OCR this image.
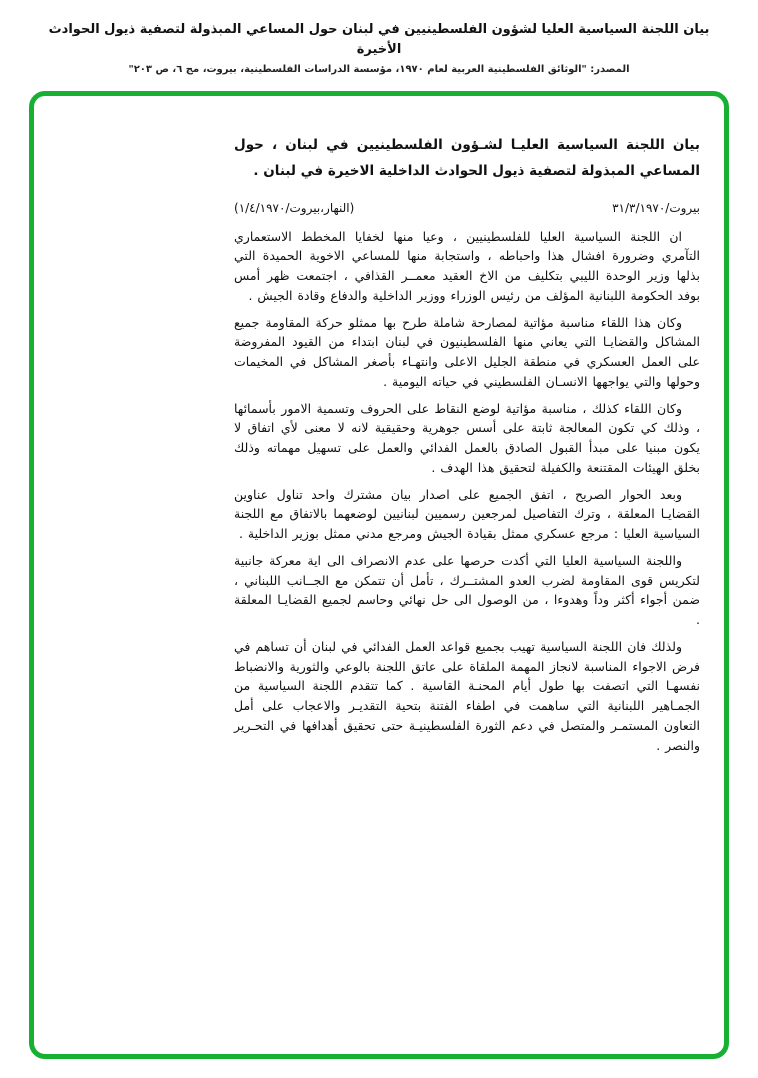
بيان اللجنة السياسية العليا لشؤون الفلسطينيين في لبنان حول المساعي المبذولة لتصفية ذيول الحوادث الأخيرة
المصدر: "الوثائق الفلسطينية العربية لعام ١٩٧٠، مؤسسة الدراسات الفلسطينية، بيروت، مج ٦، ص ٢٠٣"

بيان اللجنة السياسية العليـا لشـؤون الفلسطينيين في لبنان ، حول المساعي المبذولة لتصفية ذيول الحوادث الداخلية الاخيرة في لبنان .

بيروت/٣١/٣/١٩٧٠
(النهار،بيروت/١/٤/١٩٧٠)

ان اللجنة السياسية العليا للفلسطينيين ، وعيا منها لخفايا المخطط الاستعماري التآمري وضرورة افشال هذا واحباطه ، واستجابة منها للمساعي الاخوية الحميدة التي بذلها وزير الوحدة الليبي بتكليف من الاخ العقيد معمــر القذافي ، اجتمعت ظهر أمس بوفد الحكومة اللبنانية المؤلف من رئيس الوزراء ووزير الداخلية والدفاع وقادة الجيش .

وكان هذا اللقاء مناسبة مؤاتية لمصارحة شاملة طرح بها ممثلو حركة المقاومة جميع المشاكل والقضايـا التي يعاني منها الفلسطينيون في لبنان ابتداء من القيود المفروضة على العمل العسكري في منطقة الجليل الاعلى وانتهـاء بأصغر المشاكل في المخيمات وحولها والتي يواجهها الانسـان الفلسطيني في حياته اليومية .

وكان اللقاء كذلك ، مناسبة مؤاتية لوضع النقاط على الحروف وتسمية الامور بأسمائها ، وذلك كي تكون المعالجة ثابتة على أسس جوهرية وحقيقية لانه لا معنى لأي اتفاق لا يكون مبنيا على مبدأ القبول الصادق بالعمل الفدائي والعمل على تسهيل مهماته وذلك بخلق الهيئات المقتنعة والكفيلة لتحقيق هذا الهدف .

وبعد الحوار الصريح ، اتفق الجميع على اصدار بيان مشترك واحد تناول عناوين القضايـا المعلقة ، وترك التفاصيل لمرجعين رسميين لبنانيين لوضعهما بالاتفاق مع اللجنة السياسية العليا : مرجع عسكري ممثل بقيادة الجيش ومرجع مدني ممثل بوزير الداخلية .

واللجنة السياسية العليا التي أكدت حرصها على عدم الانصراف الى اية معركة جانبية لتكريس قوى المقاومة لضرب العدو المشتــرك ، تأمل أن تتمكن مع الجــانب اللبناني ، ضمن أجواء أكثر وداً وهدوءا ، من الوصول الى حل نهائي وحاسم لجميع القضايـا المعلقة .

ولذلك فان اللجنة السياسية تهيب بجميع قواعد العمل الفدائي في لبنان أن تساهم في فرض الاجواء المناسبة لانجاز المهمة الملقاة على عاتق اللجنة بالوعي والثورية والانضباط نفسهـا التي اتصفت بها طول أيام المحنـة القاسية . كما تتقدم اللجنة السياسية من الجمـاهير اللبنانية التي ساهمت في اطفاء الفتنة بتحية التقديـر والاعجاب على أمل التعاون المستمـر والمتصل في دعم الثورة الفلسطينيـة حتى تحقيق أهدافها في التحـرير والنصر .
